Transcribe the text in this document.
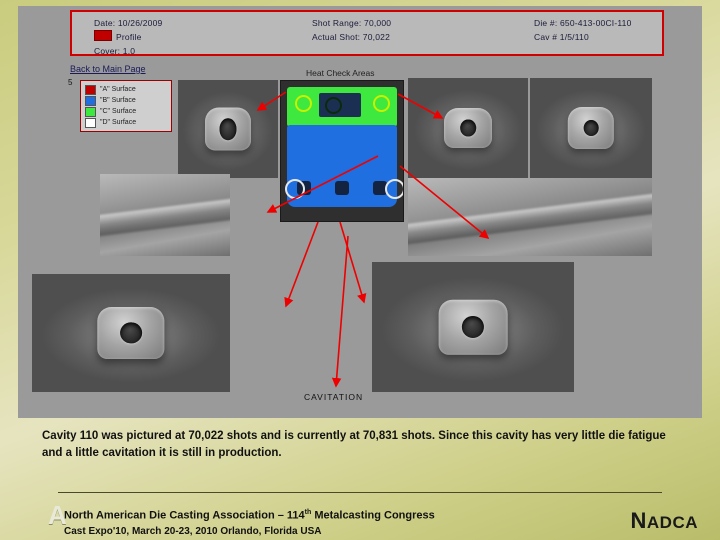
Date: 10/26/2009
Profile
Cover: 1.0
Shot Range: 70,000
Actual Shot: 70,022
Die #: 650-413-00CI-110
Cav # 1/5/110
Back to Main Page
5
"A" Surface
"B" Surface
"C" Surface
"D" Surface
Heat Check Areas
CAVITATION
Cavity 110 was pictured at 70,022 shots and is currently at 70,831 shots. Since this cavity has very little die fatigue and a little cavitation it is still in production.
A
North American Die Casting Association – 114th Metalcasting Congress
Cast Expo'10, March 20-23, 2010 Orlando, Florida USA	NADCA
